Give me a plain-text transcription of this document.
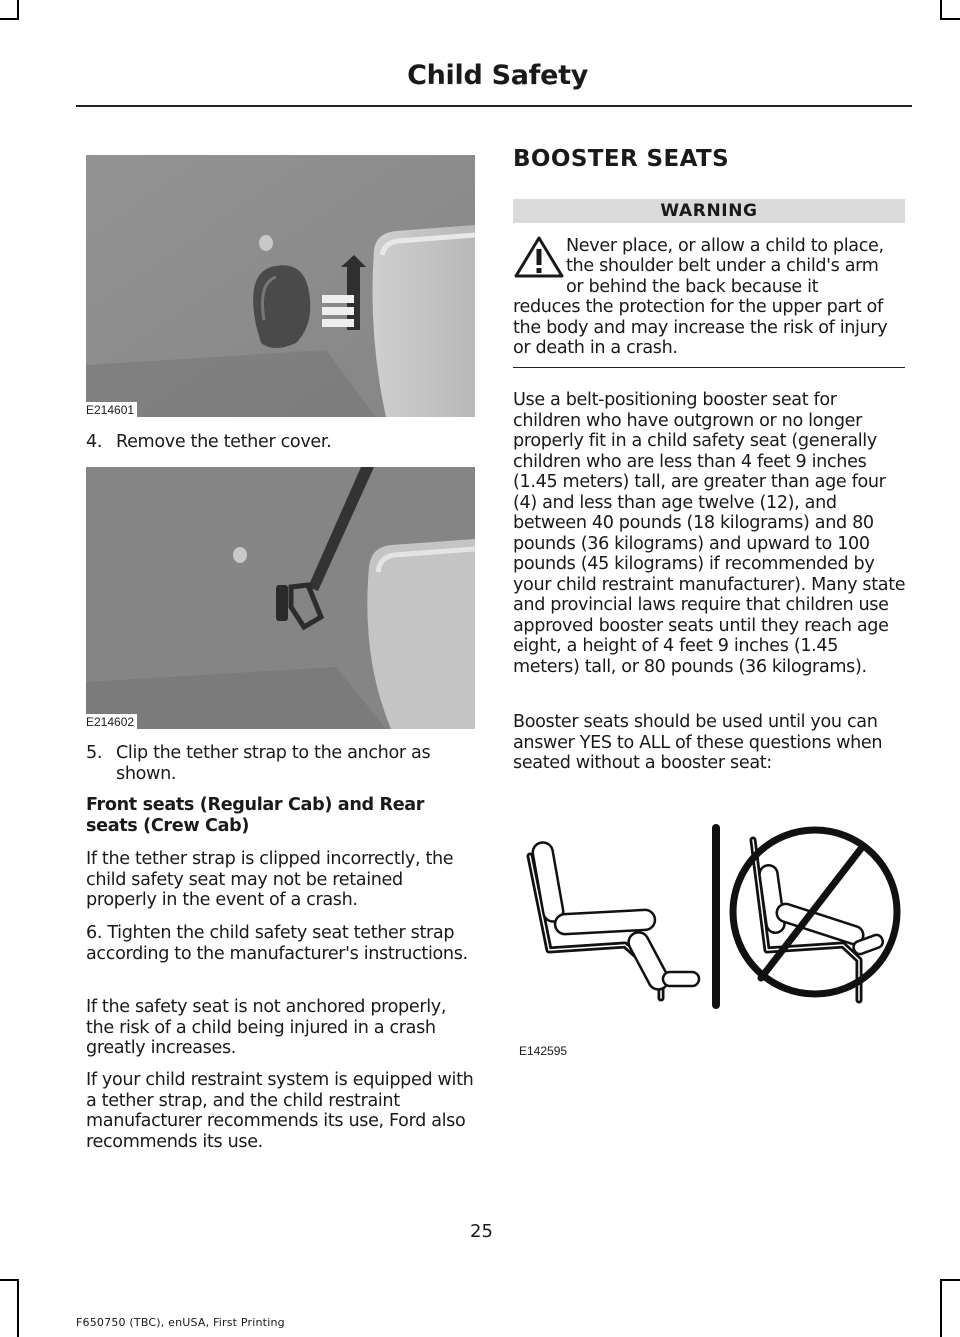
Child Safety
E214601
4. Remove the tether cover.
E214602
5. Clip the tether strap to the anchor as shown.
Front seats (Regular Cab) and Rear seats (Crew Cab)
If the tether strap is clipped incorrectly, the child safety seat may not be retained properly in the event of a crash.
6. Tighten the child safety seat tether strap according to the manufacturer's instructions.
If the safety seat is not anchored properly, the risk of a child being injured in a crash greatly increases.
If your child restraint system is equipped with a tether strap, and the child restraint manufacturer recommends its use, Ford also recommends its use.
BOOSTER SEATS
WARNING
Never place, or allow a child to place,
the shoulder belt under a child's arm
or behind the back because it
reduces the protection for the upper part of the body and may increase the risk of injury or death in a crash.
Use a belt-positioning booster seat for children who have outgrown or no longer properly fit in a child safety seat (generally children who are less than 4 feet 9 inches (1.45 meters) tall, are greater than age four (4) and less than age twelve (12), and between 40 pounds (18 kilograms) and 80 pounds (36 kilograms) and upward to 100 pounds (45 kilograms) if recommended by your child restraint manufacturer). Many state and provincial laws require that children use approved booster seats until they reach age eight, a height of 4 feet 9 inches (1.45 meters) tall, or 80 pounds (36 kilograms).
Booster seats should be used until you can answer YES to ALL of these questions when seated without a booster seat:
E142595
25
F650750 (TBC), enUSA, First Printing
